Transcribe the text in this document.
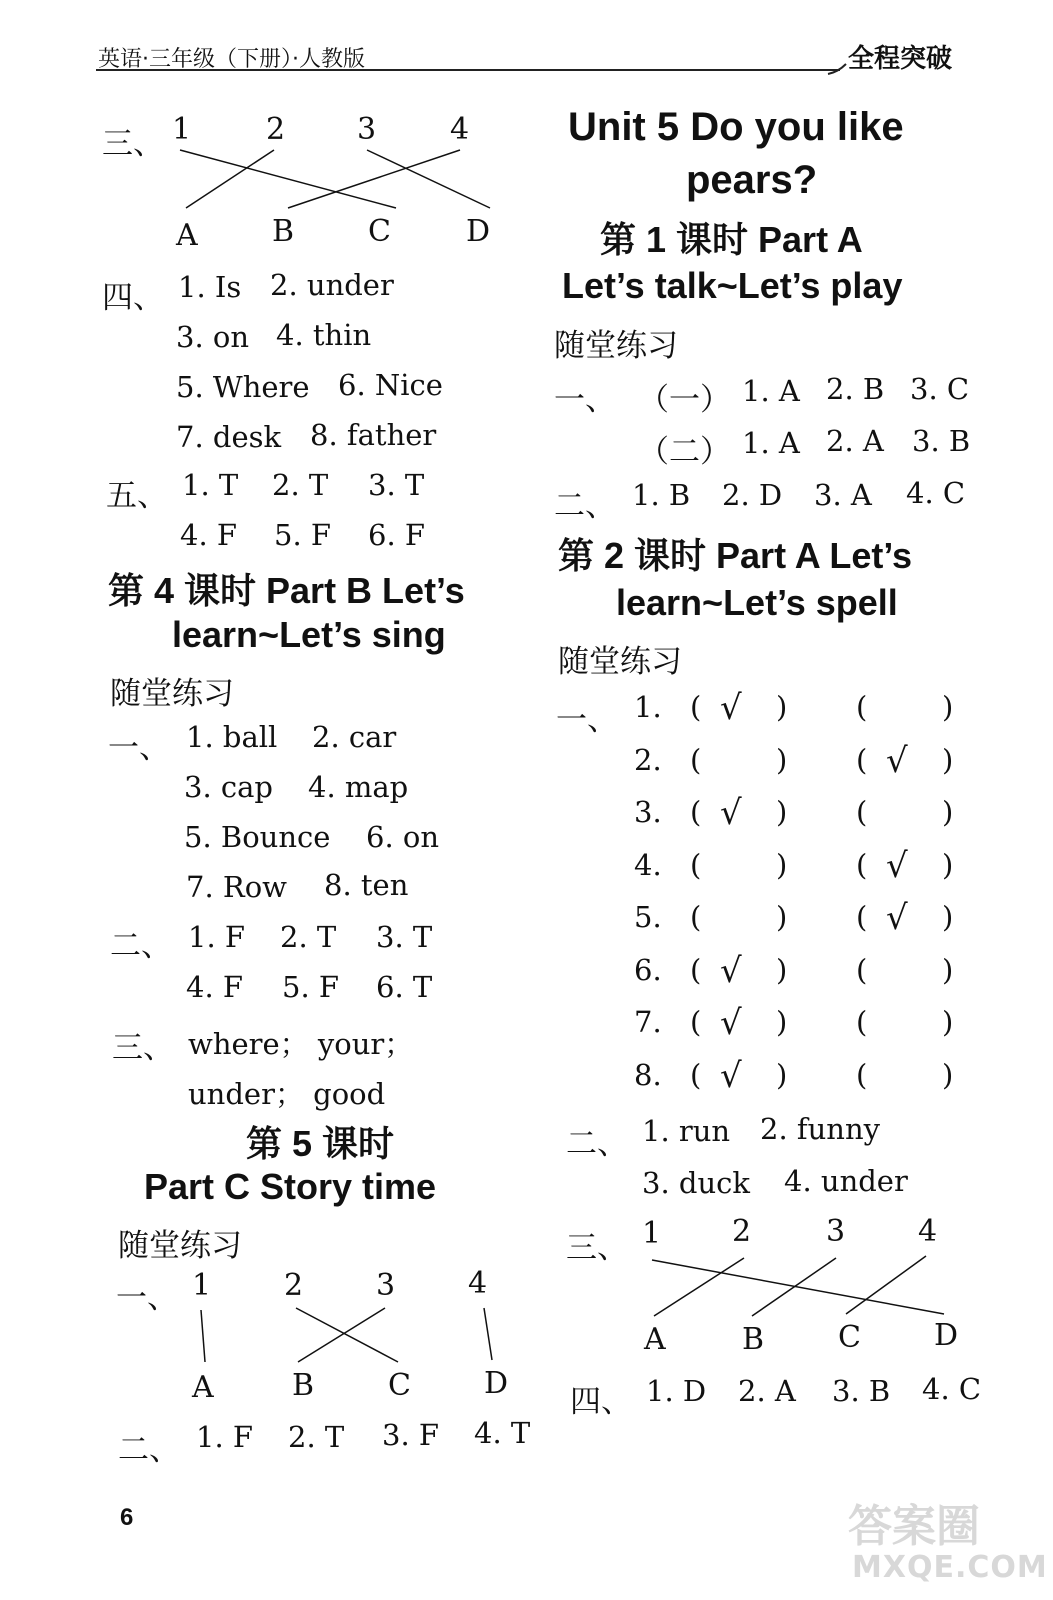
英语·三年级（下册）·人教版	全程突破
三、 1 2 3 4
A B C	D
四、 1. Is 2. under
3. on 4. thin
5. Where 6. Nice
7. desk 8. father
五、 1. T 2. T 3. T
4. F 5. F 6. F
第 4 课时 Part B Let’s
learn~Let’s sing
随堂练习
一、 1. ball 2. car
3. cap 4. map
5. Bounce 6. on
7. Row 8. ten
二、 1. F 2. T 3. T
4. F 5. F 6. T
三、 where； your；
under； good
第 5 课时
Part C Story time
随堂练习
一、 1 2 3 4
A	B C D
二、 1. F 2. T 3. F 4. T
Unit 5 Do you like
pears?
第 1 课时 Part A
Let’s talk~Let’s play
随堂练习
一、 （一） 1. A 2. B 3. C
（二） 1. A 2. A 3. B
二、 1. B 2. D 3. A 4. C
第 2 课时 Part A Let’s
learn~Let’s spell
随堂练习
一、 1. ( √ ) (	)
2. (	) ( √ )
3. ( √ ) (	)
4. (	) ( √ )
5. (	) ( √ )
6. ( √ ) (	)
7. ( √ ) (	)
8. ( √ ) (	)
二、 1. run 2. funny
3. duck 4. under
三、 1 2 3 4
A	B C D
四、 1. D 2. A 3. B 4. C
6	答案圈
MXQE.COM
